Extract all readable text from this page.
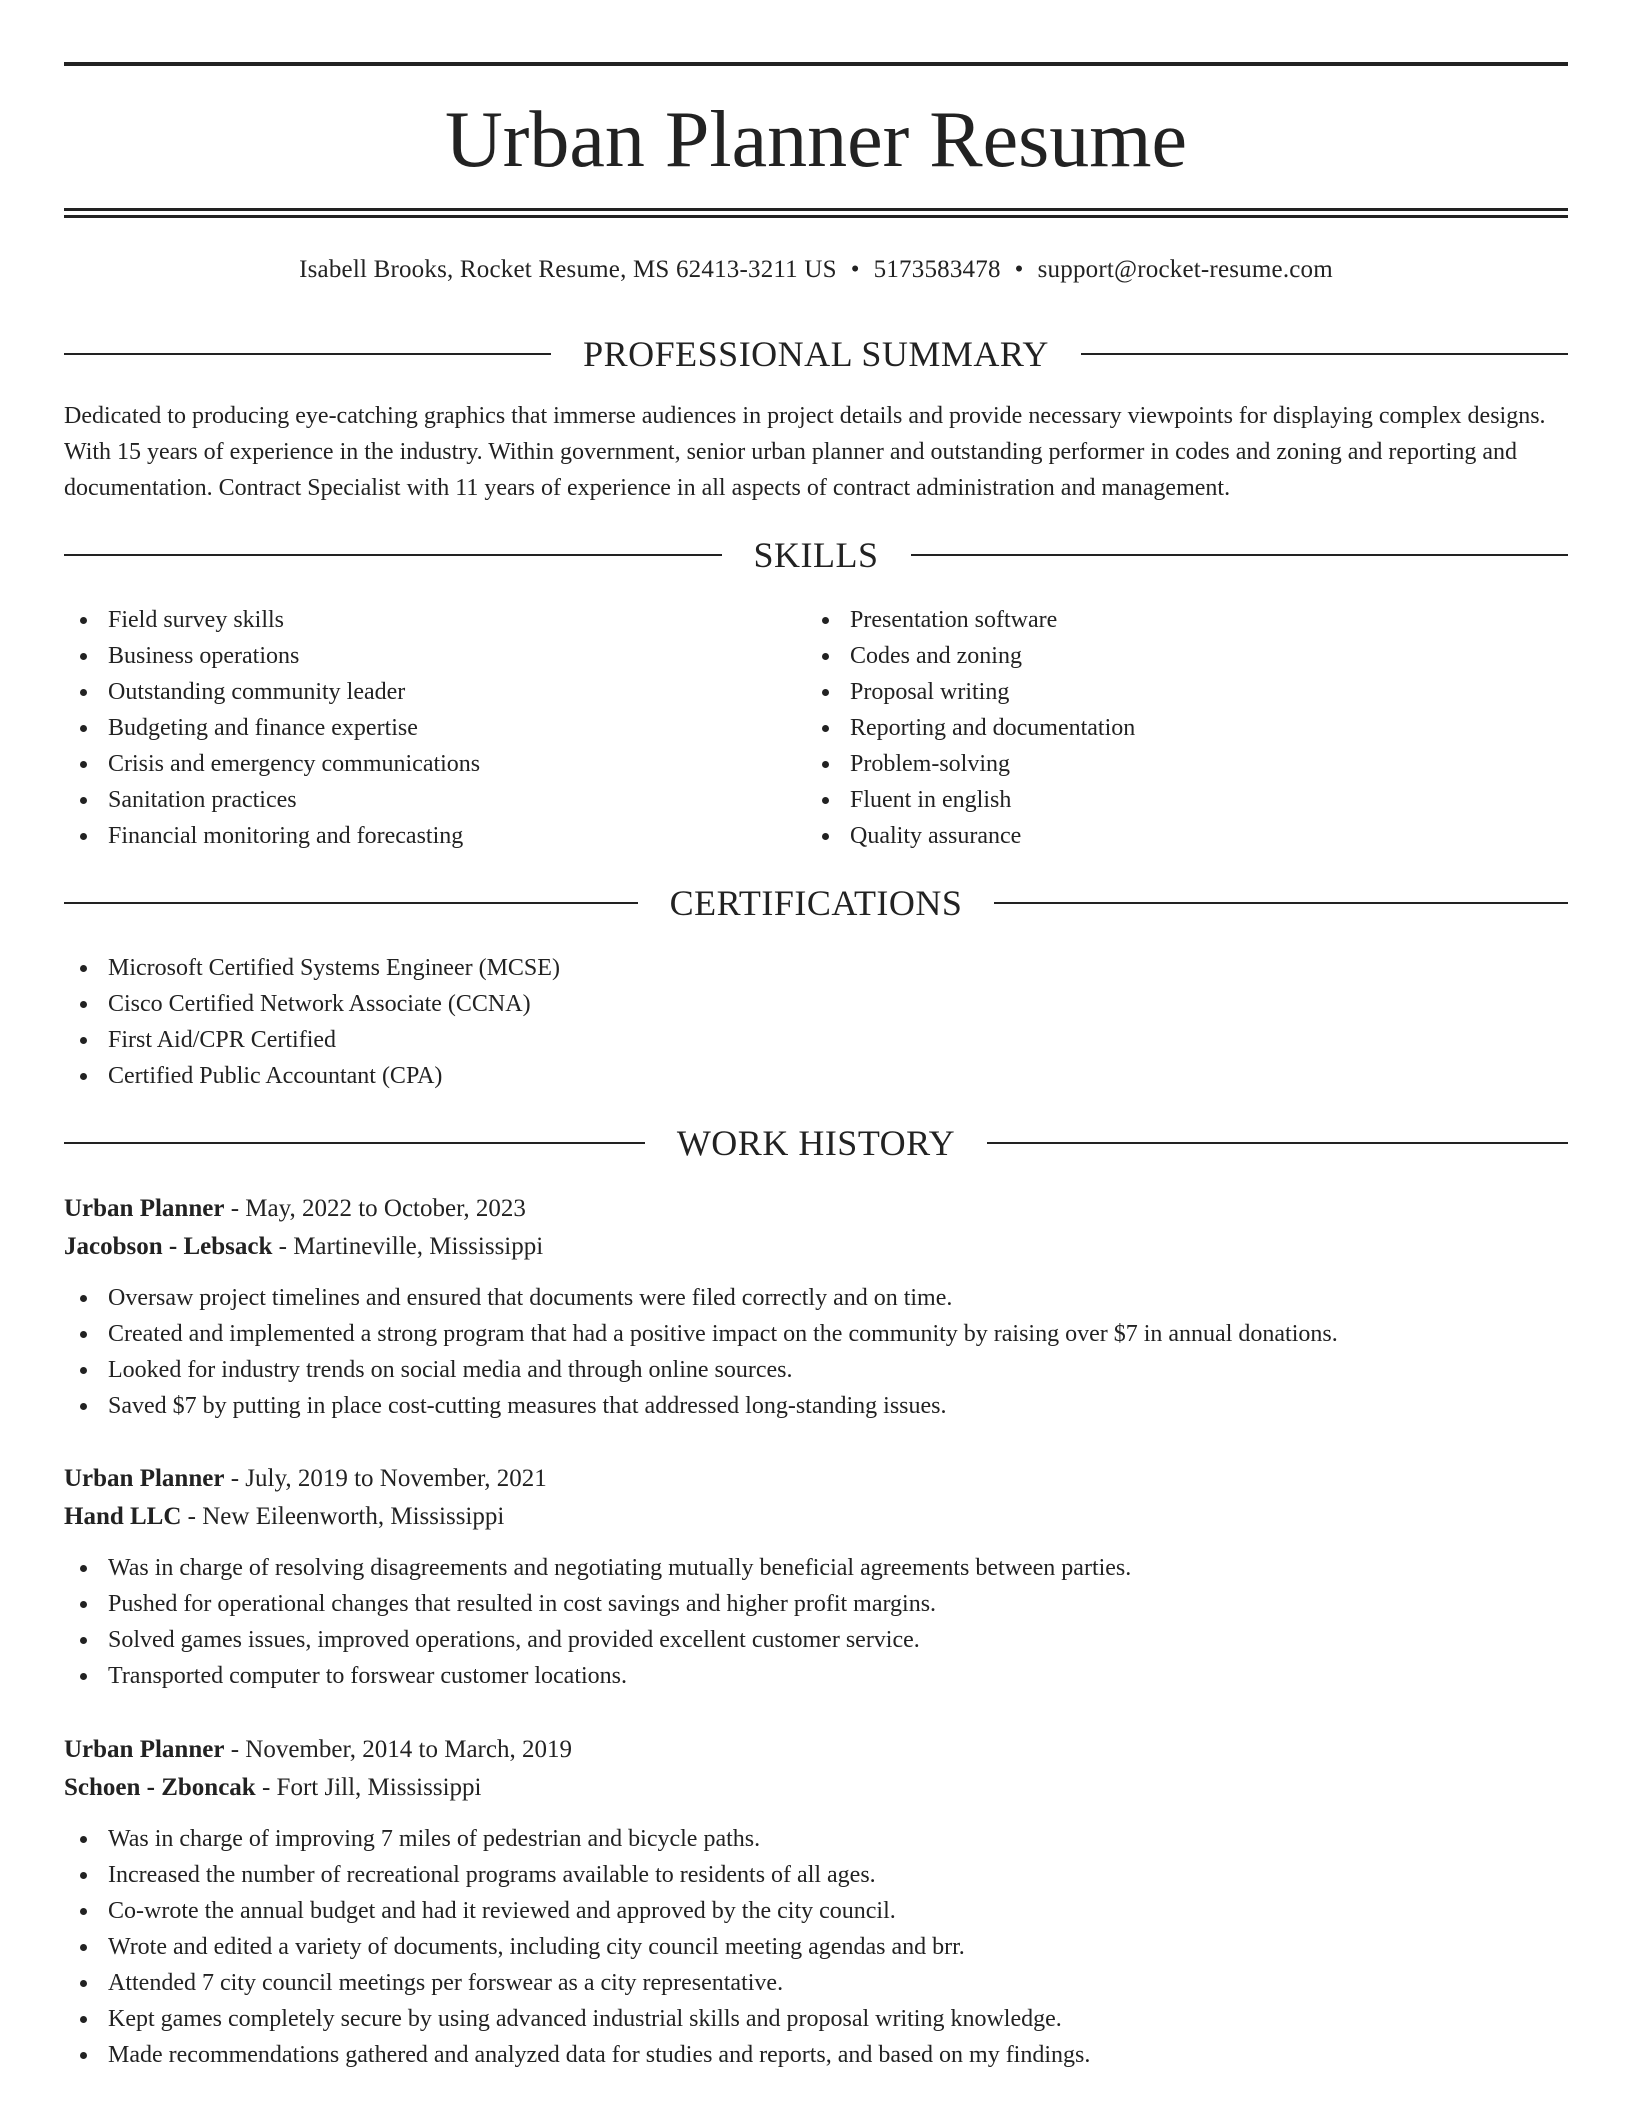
Urban Planner Resume
Isabell Brooks, Rocket Resume, MS 62413-3211 US • 5173583478 • support@rocket-resume.com
PROFESSIONAL SUMMARY

Dedicated to producing eye-catching graphics that immerse audiences in project details and provide necessary viewpoints for displaying complex designs. With 15 years of experience in the industry. Within government, senior urban planner and outstanding performer in codes and zoning and reporting and documentation. Contract Specialist with 11 years of experience in all aspects of contract administration and management.

SKILLS
Field survey skills
Business operations
Outstanding community leader
Budgeting and finance expertise
Crisis and emergency communications
Sanitation practices
Financial monitoring and forecasting
Presentation software
Codes and zoning
Proposal writing
Reporting and documentation
Problem-solving
Fluent in english
Quality assurance
CERTIFICATIONS
Microsoft Certified Systems Engineer (MCSE)
Cisco Certified Network Associate (CCNA)
First Aid/CPR Certified
Certified Public Accountant (CPA)
WORK HISTORY
Urban Planner - May, 2022 to October, 2023
Jacobson - Lebsack - Martineville, Mississippi
Oversaw project timelines and ensured that documents were filed correctly and on time.
Created and implemented a strong program that had a positive impact on the community by raising over $7 in annual donations.
Looked for industry trends on social media and through online sources.
Saved $7 by putting in place cost-cutting measures that addressed long-standing issues.
Urban Planner - July, 2019 to November, 2021
Hand LLC - New Eileenworth, Mississippi
Was in charge of resolving disagreements and negotiating mutually beneficial agreements between parties.
Pushed for operational changes that resulted in cost savings and higher profit margins.
Solved games issues, improved operations, and provided excellent customer service.
Transported computer to forswear customer locations.
Urban Planner - November, 2014 to March, 2019
Schoen - Zboncak - Fort Jill, Mississippi
Was in charge of improving 7 miles of pedestrian and bicycle paths.
Increased the number of recreational programs available to residents of all ages.
Co-wrote the annual budget and had it reviewed and approved by the city council.
Wrote and edited a variety of documents, including city council meeting agendas and brr.
Attended 7 city council meetings per forswear as a city representative.
Kept games completely secure by using advanced industrial skills and proposal writing knowledge.
Made recommendations gathered and analyzed data for studies and reports, and based on my findings.
